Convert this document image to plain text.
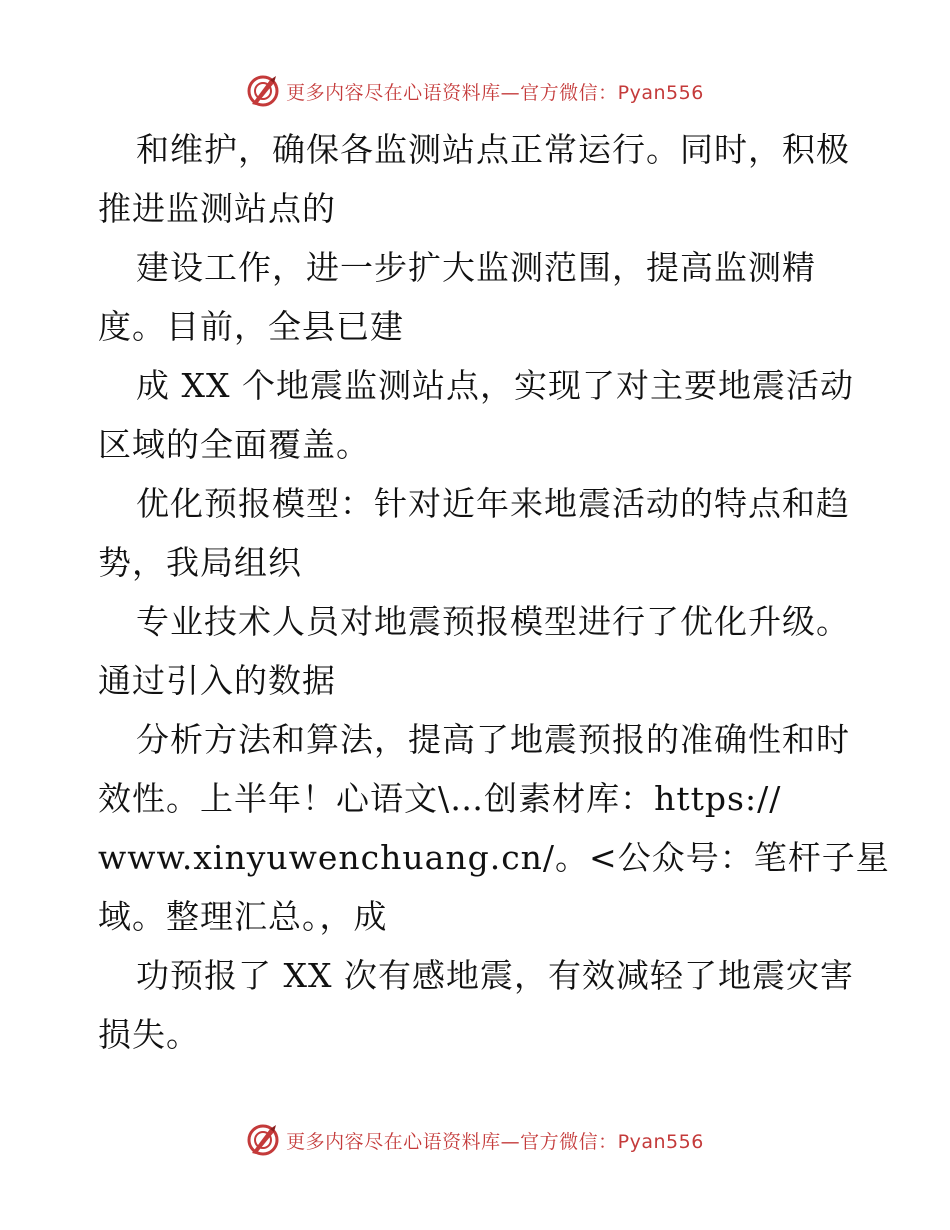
更多内容尽在心语资料库—官方微信：Pyan556
和维护，确保各监测站点正常运行。同时，积极
推进监测站点的
建设工作，进一步扩大监测范围，提高监测精
度。目前，全县已建
成 XX 个地震监测站点，实现了对主要地震活动
区域的全面覆盖。
优化预报模型：针对近年来地震活动的特点和趋
势，我局组织
专业技术人员对地震预报模型进行了优化升级。
通过引入的数据
分析方法和算法，提高了地震预报的准确性和时
效性。上半年！心语文\…创素材库：https://
www.xinyuwenchuang.cn/。<公众号：笔杆子星
域。整理汇总。，成
功预报了 XX 次有感地震，有效减轻了地震灾害
损失。
更多内容尽在心语资料库—官方微信：Pyan556
